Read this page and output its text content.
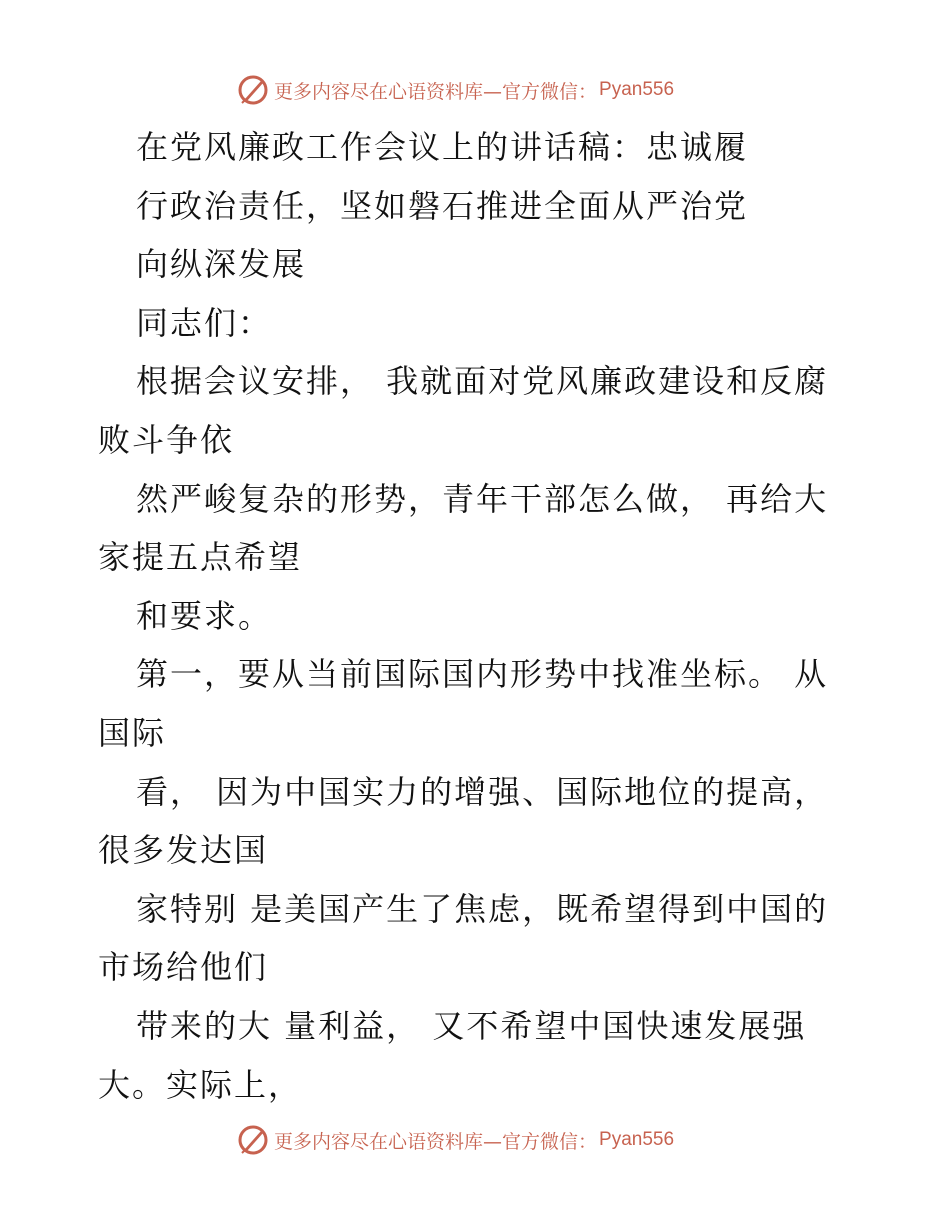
更多内容尽在心语资料库—官方微信： Pyan556
在党风廉政工作会议上的讲话稿：忠诚履
行政治责任，坚如磐石推进全面从严治党
向纵深发展
同志们：
根据会议安排， 我就面对党风廉政建设和反腐
败斗争依
然严峻复杂的形势，青年干部怎么做， 再给大
家提五点希望
和要求。
第一，要从当前国际国内形势中找准坐标。 从
国际
看， 因为中国实力的增强、国际地位的提高，
很多发达国
家特别 是美国产生了焦虑，既希望得到中国的
市场给他们
带来的大 量利益， 又不希望中国快速发展强
大。实际上，
更多内容尽在心语资料库—官方微信： Pyan556
